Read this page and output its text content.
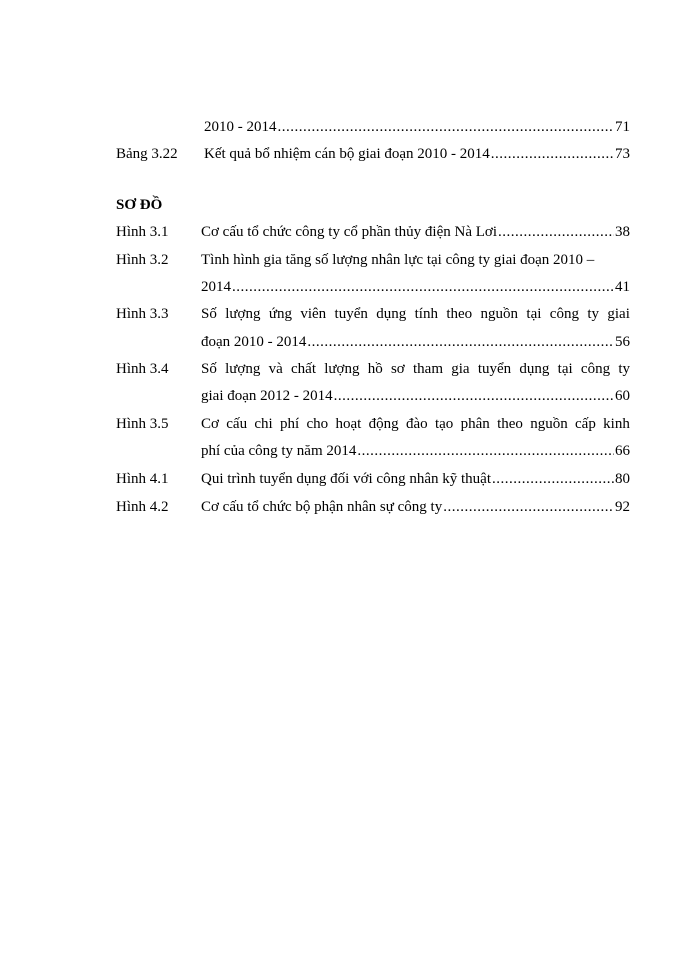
2010 - 2014 .....	71
Bảng 3.22 Kết quả bổ nhiệm cán bộ giai đoạn 2010 - 2014 .....	73
SƠ ĐỒ
Hình 3.1 Cơ cấu tổ chức công ty cổ phần thủy điện Nà Lơi .....	38
Hình 3.2 Tình hình gia tăng số lượng nhân lực tại công ty giai đoạn 2010 –
2014 .....	41
Hình 3.3 Số lượng ứng viên tuyển dụng tính theo nguồn tại công ty giai
đoạn 2010 - 2014 .....	56
Hình 3.4 Số lượng và chất lượng hồ sơ tham gia tuyển dụng tại công ty
giai đoạn 2012 - 2014 .....	60
Hình 3.5 Cơ cấu chi phí cho hoạt động đào tạo phân theo nguồn cấp kinh
phí của công ty năm 2014 .....	66
Hình 4.1 Qui trình tuyển dụng đối với công nhân kỹ thuật .....	80
Hình 4.2 Cơ cấu tổ chức bộ phận nhân sự công ty .....	92
